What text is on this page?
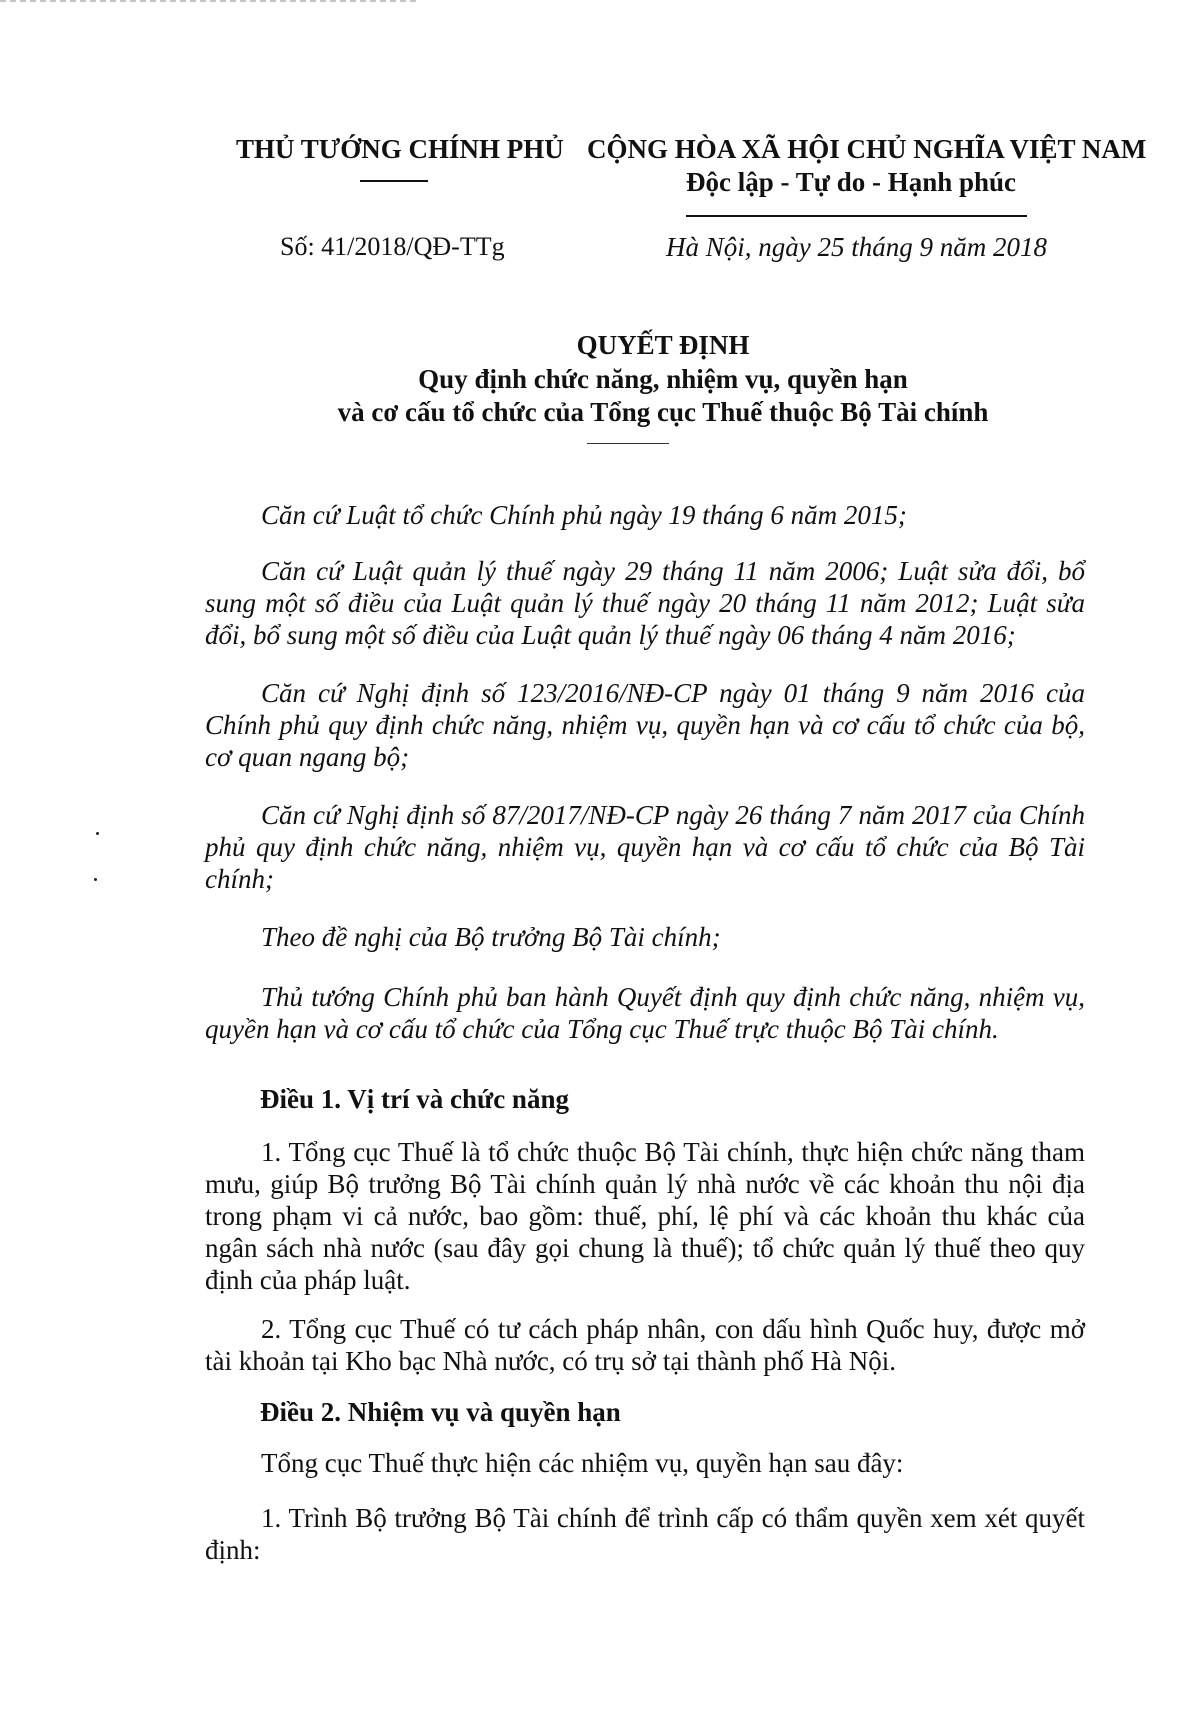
THỦ TƯỚNG CHÍNH PHỦ CỘNG HÒA XÃ HỘI CHỦ NGHĨA VIỆT NAM
Độc lập - Tự do - Hạnh phúc
Số: 41/2018/QĐ-TTg	Hà Nội, ngày 25 tháng 9 năm 2018
QUYẾT ĐỊNH
Quy định chức năng, nhiệm vụ, quyền hạn
và cơ cấu tổ chức của Tổng cục Thuế thuộc Bộ Tài chính

Căn cứ Luật tổ chức Chính phủ ngày 19 tháng 6 năm 2015;

Căn cứ Luật quản lý thuế ngày 29 tháng 11 năm 2006; Luật sửa đổi, bổ sung một số điều của Luật quản lý thuế ngày 20 tháng 11 năm 2012; Luật sửa đổi, bổ sung một số điều của Luật quản lý thuế ngày 06 tháng 4 năm 2016;

Căn cứ Nghị định số 123/2016/NĐ-CP ngày 01 tháng 9 năm 2016 của Chính phủ quy định chức năng, nhiệm vụ, quyền hạn và cơ cấu tổ chức của bộ, cơ quan ngang bộ;

Căn cứ Nghị định số 87/2017/NĐ-CP ngày 26 tháng 7 năm 2017 của Chính phủ quy định chức năng, nhiệm vụ, quyền hạn và cơ cấu tổ chức của Bộ Tài chính;

Theo đề nghị của Bộ trưởng Bộ Tài chính;

Thủ tướng Chính phủ ban hành Quyết định quy định chức năng, nhiệm vụ, quyền hạn và cơ cấu tổ chức của Tổng cục Thuế trực thuộc Bộ Tài chính.

Điều 1. Vị trí và chức năng

1. Tổng cục Thuế là tổ chức thuộc Bộ Tài chính, thực hiện chức năng tham mưu, giúp Bộ trưởng Bộ Tài chính quản lý nhà nước về các khoản thu nội địa trong phạm vi cả nước, bao gồm: thuế, phí, lệ phí và các khoản thu khác của ngân sách nhà nước (sau đây gọi chung là thuế); tổ chức quản lý thuế theo quy định của pháp luật.

2. Tổng cục Thuế có tư cách pháp nhân, con dấu hình Quốc huy, được mở tài khoản tại Kho bạc Nhà nước, có trụ sở tại thành phố Hà Nội.

Điều 2. Nhiệm vụ và quyền hạn

Tổng cục Thuế thực hiện các nhiệm vụ, quyền hạn sau đây:

1. Trình Bộ trưởng Bộ Tài chính để trình cấp có thẩm quyền xem xét quyết định:
